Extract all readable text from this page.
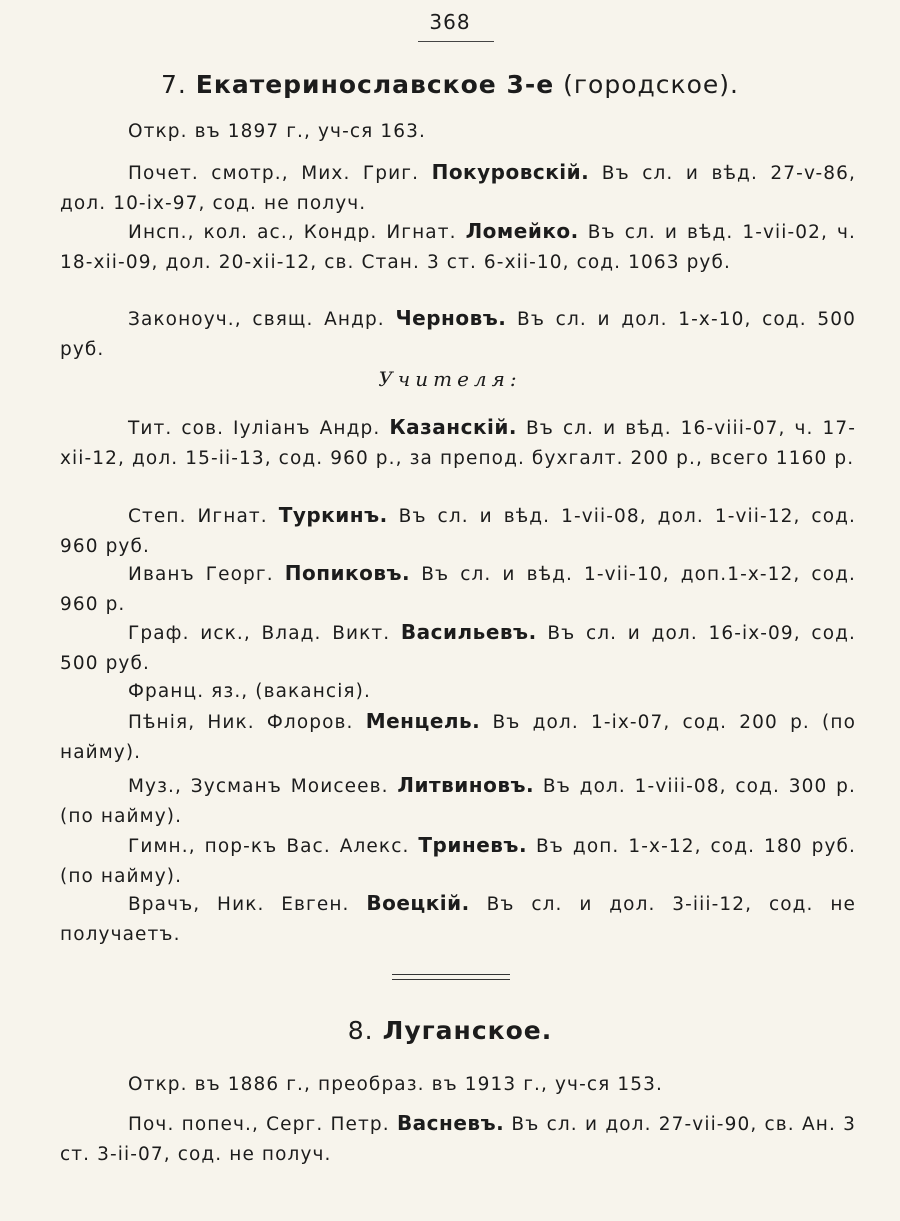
368
7. Екатеринославское 3-е (городское).
Откр. въ 1897 г., уч-ся 163.
Почет. смотр., Мих. Григ. Покуровскій. Въ сл. и вѣд. 27-v-86, дол. 10-ix-97, сод. не получ.
Инсп., кол. ас., Кондр. Игнат. Ломейко. Въ сл. и вѣд. 1-vii-02, ч. 18-xii-09, дол. 20-xii-12, св. Стан. 3 ст. 6-xii-10, сод. 1063 руб.
Законоуч., свящ. Андр. Черновъ. Въ сл. и дол. 1-x-10, сод. 500 руб.
Учителя:
Тит. сов. Іуліанъ Андр. Казанскій. Въ сл. и вѣд. 16-viii-07, ч. 17-xii-12, дол. 15-ii-13, сод. 960 р., за препод. бухгалт. 200 р., всего 1160 р.
Степ. Игнат. Туркинъ. Въ сл. и вѣд. 1-vii-08, дол. 1-vii-12, сод. 960 руб.
Иванъ Георг. Попиковъ. Въ сл. и вѣд. 1-vii-10, доп.1-x-12, сод. 960 р.
Граф. иск., Влад. Викт. Васильевъ. Въ сл. и дол. 16-ix-09, сод. 500 руб.
Франц. яз., (вакансія).
Пѣнія, Ник. Флоров. Менцель. Въ дол. 1-ix-07, сод. 200 р. (по найму).
Муз., Зусманъ Моисеев. Литвиновъ. Въ дол. 1-viii-08, сод. 300 р. (по найму).
Гимн., пор-къ Вас. Алекс. Триневъ. Въ доп. 1-x-12, сод. 180 руб. (по найму).
Врачъ, Ник. Евген. Воецкій. Въ сл. и дол. 3-iii-12, сод. не получаетъ.
8. Луганское.
Откр. въ 1886 г., преобраз. въ 1913 г., уч-ся 153.
Поч. попеч., Серг. Петр. Васневъ. Въ сл. и дол. 27-vii-90, св. Ан. 3 ст. 3-ii-07, сод. не получ.
